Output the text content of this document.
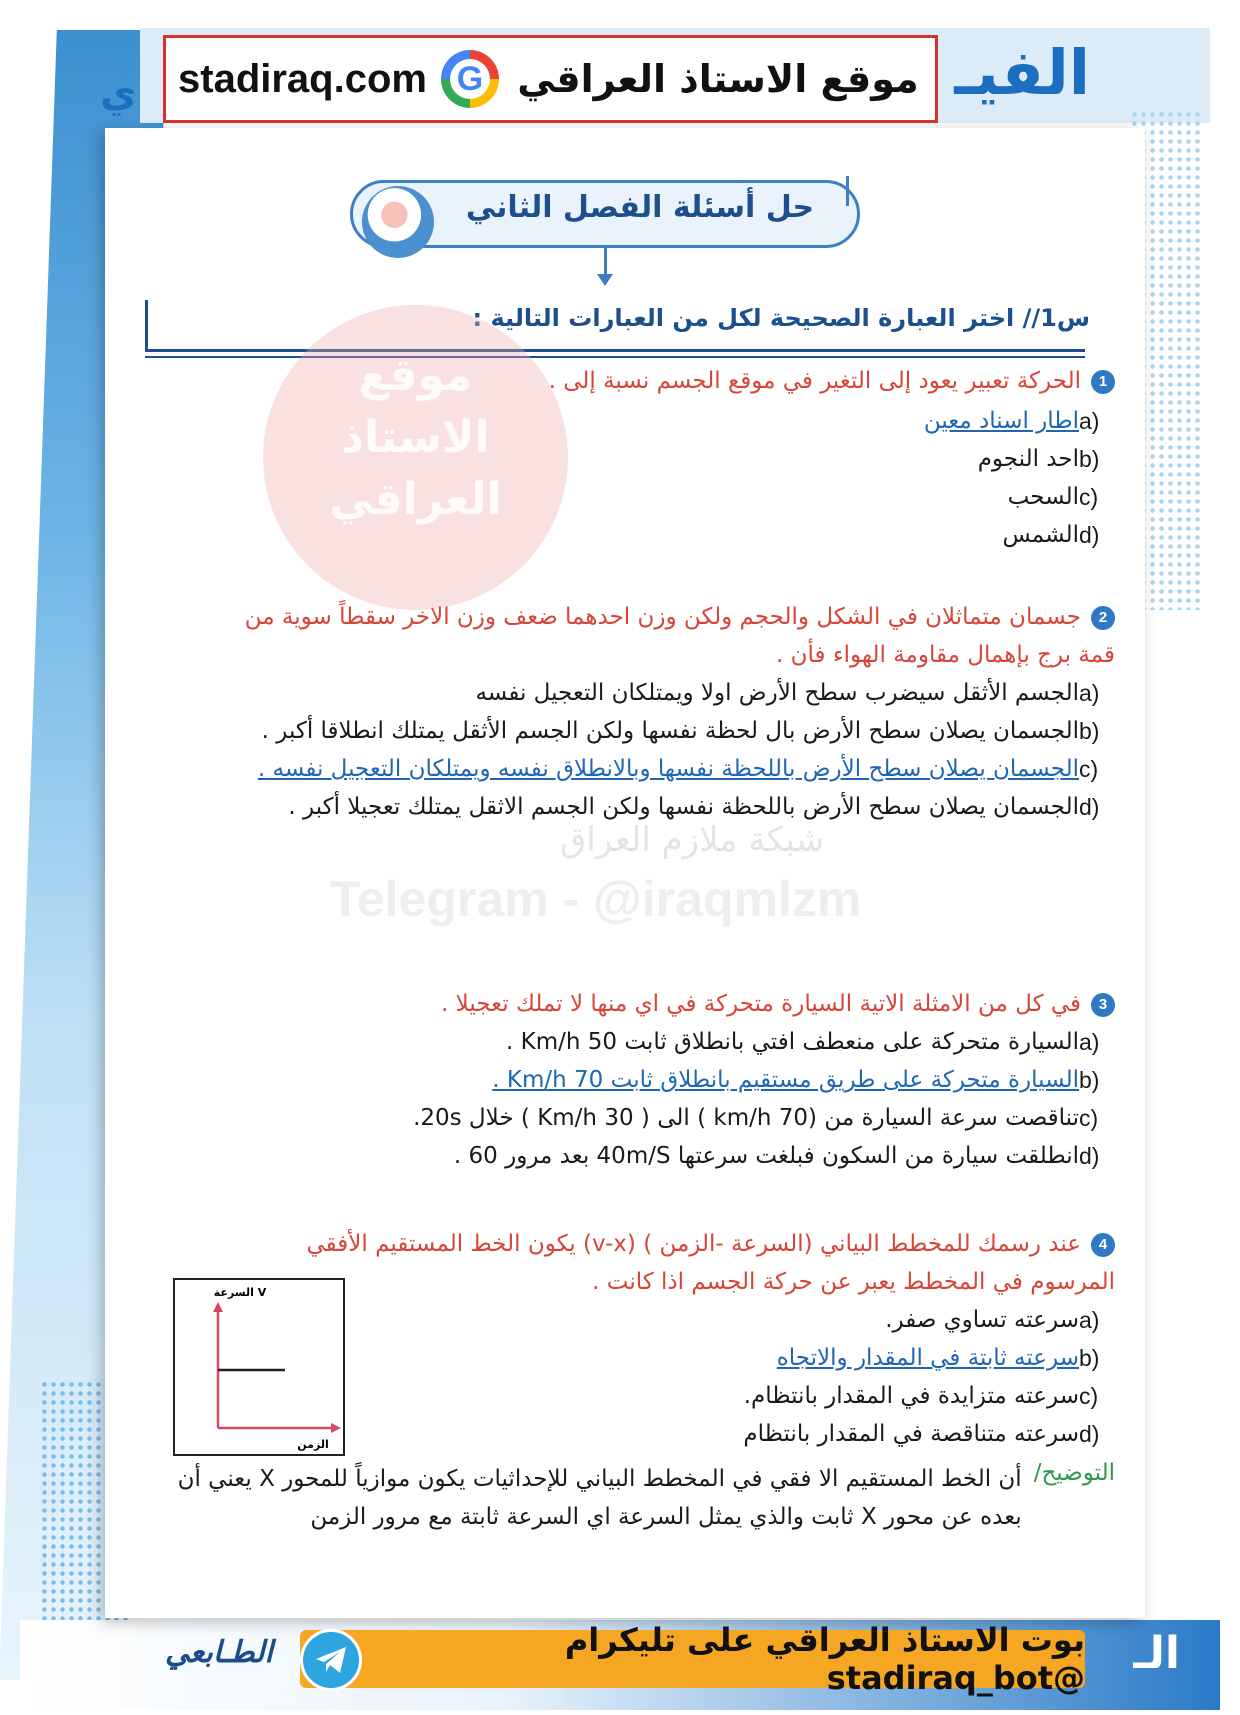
الفيـ
ي
الـ
stadiraq.com G موقع الاستاذ العراقي
حل أسئلة الفصل الثاني
س1// اختر العبارة الصحيحة لكل من العبارات التالية :
موقع
الاستاذ
العراقي
1الحركة تعبير يعود إلى التغير في موقع الجسم نسبة إلى .
a)
اطار اسناد معين
b)
احد النجوم
c)
السحب
d)
الشمس
2جسمان متماثلان في الشكل والحجم ولكن وزن احدهما ضعف وزن الاخر سقطاً سوية من قمة برج بإهمال مقاومة الهواء فأن .
a)
الجسم الأثقل سيضرب سطح الأرض اولا ويمتلكان التعجيل نفسه
b)
الجسمان يصلان سطح الأرض بال لحظة نفسها ولكن الجسم الأثقل يمتلك انطلاقا أكبر .
c)
الجسمان يصلان سطح الأرض باللحظة نفسها وبالانطلاق نفسه ويمتلكان التعجيل نفسه .
d)
الجسمان يصلان سطح الأرض باللحظة نفسها ولكن الجسم الاثقل يمتلك تعجيلا أكبر .
شبكة ملازم العراق
Telegram - @iraqmlzm
3في كل من الامثلة الاتية السيارة متحركة في اي منها لا تملك تعجيلا .
a)
السيارة متحركة على منعطف افتي بانطلاق ثابت 50 Km/h .
b)
السيارة متحركة على طريق مستقيم بانطلاق ثابت 70 Km/h .
c)
تناقصت سرعة السيارة من (70 km/h ) الى ( 30 Km/h ) خلال 20s.
d)
انطلقت سيارة من السكون فبلغت سرعتها 40m/S بعد مرور 60 .
4عند رسمك للمخطط البياني (السرعة -الزمن ) (v-x) يكون الخط المستقيم الأفقي المرسوم في المخطط يعبر عن حركة الجسم اذا كانت .
a)
سرعته تساوي صفر.
b)
سرعته ثابتة في المقدار والاتجاه
c)
سرعته متزايدة في المقدار بانتظام.
d)
سرعته متناقصة في المقدار بانتظام
السرعة V
الزمن
التوضيح/
أن الخط المستقيم الا فقي في المخطط البياني للإحداثيات يكون موازياً للمحور X يعني أن بعده عن محور X ثابت والذي يمثل السرعة اي السرعة ثابتة مع مرور الزمن
الطـابعي	بوت الاستاذ العراقي على تليكرام @stadiraq_bot
